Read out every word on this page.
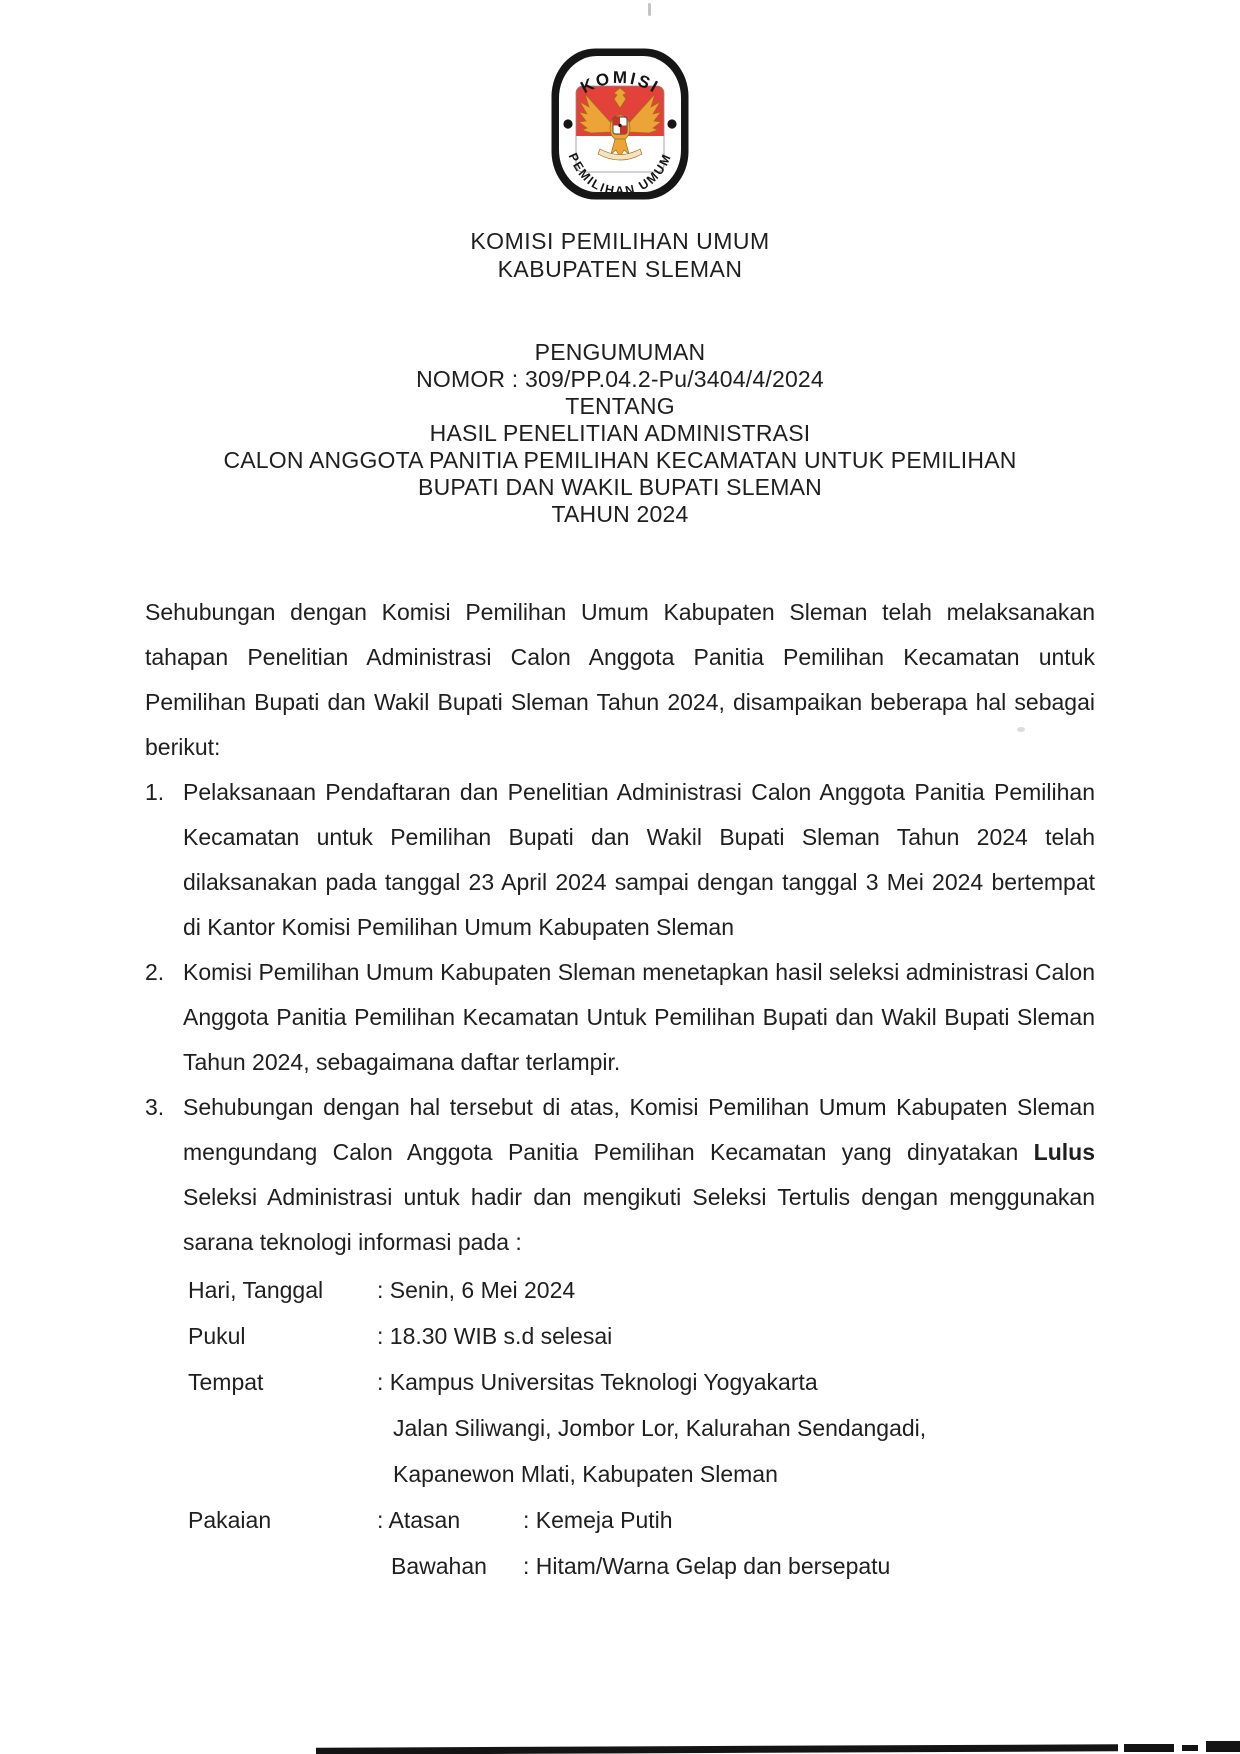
KOMISI
PEMILIHAN UMUM
KOMISI PEMILIHAN UMUM
KABUPATEN SLEMAN
PENGUMUMAN
NOMOR : 309/PP.04.2-Pu/3404/4/2024
TENTANG
HASIL PENELITIAN ADMINISTRASI
CALON ANGGOTA PANITIA PEMILIHAN KECAMATAN UNTUK PEMILIHAN
BUPATI DAN WAKIL BUPATI SLEMAN
TAHUN 2024
Sehubungan dengan Komisi Pemilihan Umum Kabupaten Sleman telah melaksanakan tahapan Penelitian Administrasi Calon Anggota Panitia Pemilihan Kecamatan untuk Pemilihan Bupati dan Wakil Bupati Sleman Tahun 2024, disampaikan beberapa hal sebagai berikut:
1. Pelaksanaan Pendaftaran dan Penelitian Administrasi Calon Anggota Panitia Pemilihan Kecamatan untuk Pemilihan Bupati dan Wakil Bupati Sleman Tahun 2024 telah dilaksanakan pada tanggal 23 April 2024 sampai dengan tanggal 3 Mei 2024 bertempat di Kantor Komisi Pemilihan Umum Kabupaten Sleman
2. Komisi Pemilihan Umum Kabupaten Sleman menetapkan hasil seleksi administrasi Calon Anggota Panitia Pemilihan Kecamatan Untuk Pemilihan Bupati dan Wakil Bupati Sleman Tahun 2024, sebagaimana daftar terlampir.
3. Sehubungan dengan hal tersebut di atas, Komisi Pemilihan Umum Kabupaten Sleman mengundang Calon Anggota Panitia Pemilihan Kecamatan yang dinyatakan Lulus Seleksi Administrasi untuk hadir dan mengikuti Seleksi Tertulis dengan menggunakan sarana teknologi informasi pada :
Hari, Tanggal	: Senin, 6 Mei 2024
Pukul	: 18.30 WIB s.d selesai
Tempat	: Kampus Universitas Teknologi Yogyakarta
Jalan Siliwangi, Jombor Lor, Kalurahan Sendangadi,
Kapanewon Mlati, Kabupaten Sleman
Pakaian	: Atasan	: Kemeja Putih
Bawahan	: Hitam/Warna Gelap dan bersepatu
